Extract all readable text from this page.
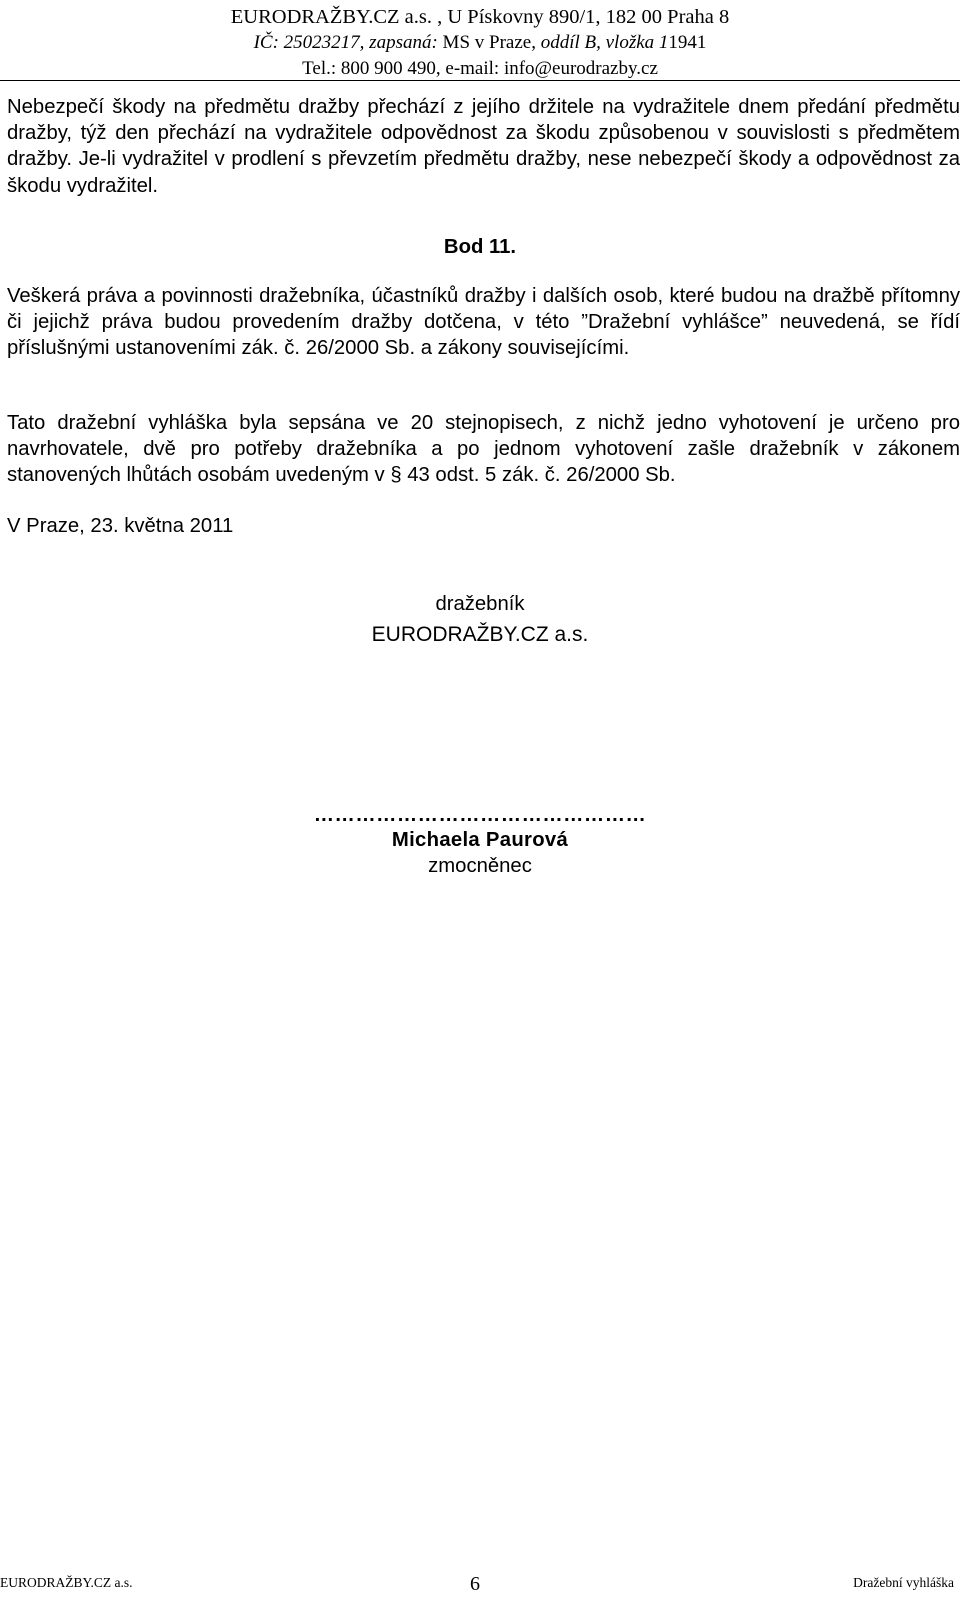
EURODRAŽBY.CZ a.s. , U Pískovny 890/1, 182 00 Praha 8
IČ: 25023217, zapsaná: MS v Praze, oddíl B, vložka 11941
Tel.: 800 900 490, e-mail: info@eurodrazby.cz

Nebezpečí škody na předmětu dražby přechází z jejího držitele na vydražitele dnem předání předmětu dražby, týž den přechází na vydražitele odpovědnost za škodu způsobenou v souvislosti s předmětem dražby. Je-li vydražitel v prodlení s převzetím předmětu dražby, nese nebezpečí škody a odpovědnost za škodu vydražitel.

Bod 11.

Veškerá práva a povinnosti dražebníka, účastníků dražby i dalších osob, které budou na dražbě přítomny či jejichž práva budou provedením dražby dotčena, v této ”Dražební vyhlášce” neuvedená, se řídí příslušnými ustanoveními zák. č. 26/2000 Sb. a zákony souvisejícími.

Tato dražební vyhláška byla sepsána ve 20 stejnopisech, z nichž jedno vyhotovení je určeno pro navrhovatele, dvě pro potřeby dražebníka a po jednom vyhotovení zašle dražebník v zákonem stanovených lhůtách osobám uvedeným v § 43 odst. 5 zák. č. 26/2000 Sb.

V Praze, 23. května 2011

dražebník

EURODRAŽBY.CZ a.s.

…………………………………………

Michaela Paurová

zmocněnec

EURODRAŽBY.CZ a.s.	6	Dražební vyhláška
